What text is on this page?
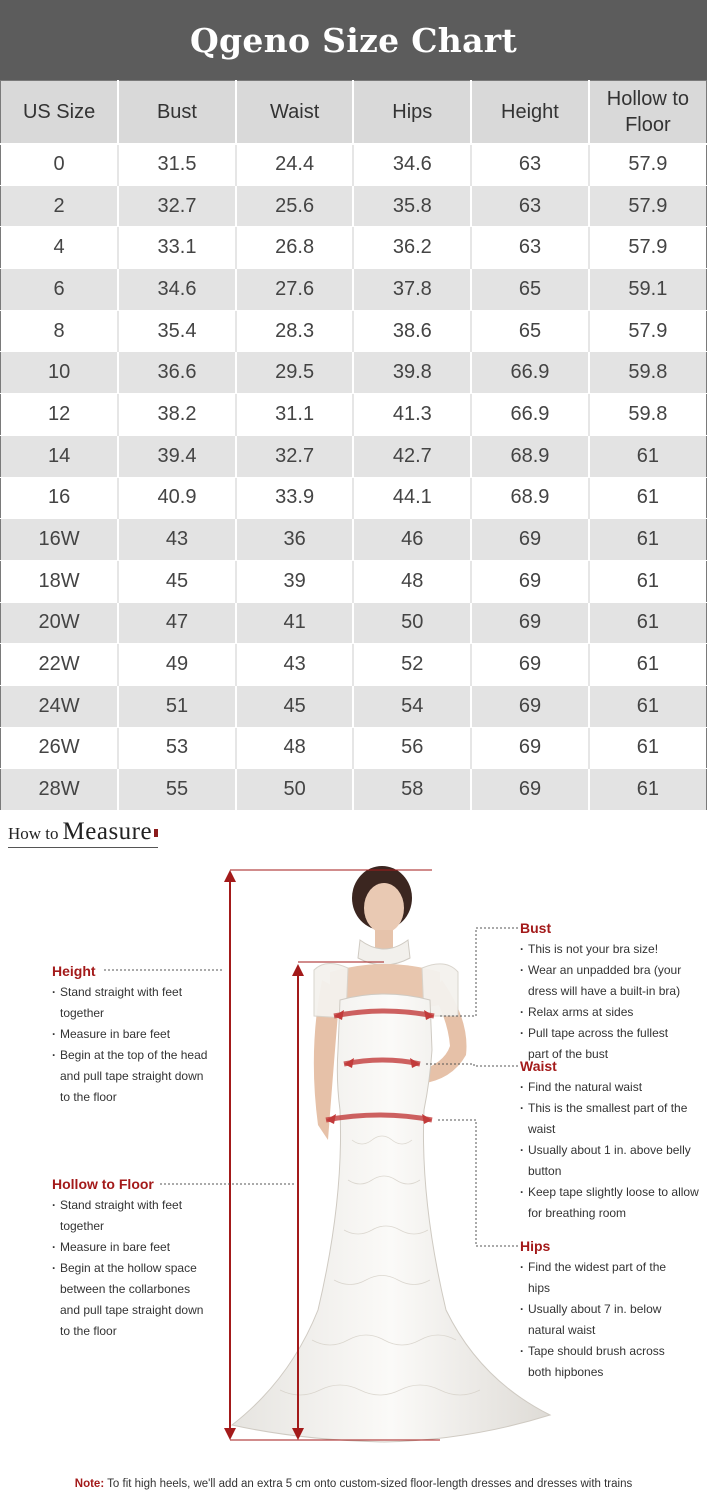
Qgeno Size Chart
US Size	Bust	Waist	Hips	Height	Hollow to Floor
0	31.5	24.4	34.6	63	57.9
2	32.7	25.6	35.8	63	57.9
4	33.1	26.8	36.2	63	57.9
6	34.6	27.6	37.8	65	59.1
8	35.4	28.3	38.6	65	57.9
10	36.6	29.5	39.8	66.9	59.8
12	38.2	31.1	41.3	66.9	59.8
14	39.4	32.7	42.7	68.9	61
16	40.9	33.9	44.1	68.9	61
16W	43	36	46	69	61
18W	45	39	48	69	61
20W	47	41	50	69	61
22W	49	43	52	69	61
24W	51	45	54	69	61
26W	53	48	56	69	61
28W	55	50	58	69	61
How to Measure
Height
· Stand straight with feet
together
· Measure in bare feet
· Begin at the top of the head
and pull tape straight down
to the floor
Hollow to Floor
· Stand straight with feet
together
· Measure in bare feet
· Begin at the hollow space
between the collarbones
and pull tape straight down
to the floor
Bust
· This is not your bra size!
· Wear an unpadded bra (your
dress will have a built-in bra)
· Relax arms at sides
· Pull tape across the fullest
part of the bust
Waist
· Find the natural waist
· This is the smallest part of the
waist
· Usually about 1 in. above belly
button
· Keep tape slightly loose to allow
for breathing room
Hips
· Find the widest part of the
hips
· Usually about 7 in. below
natural waist
· Tape should brush across
both hipbones
Note: To fit high heels, we'll add an extra 5 cm onto custom-sized floor-length dresses and dresses with trains
